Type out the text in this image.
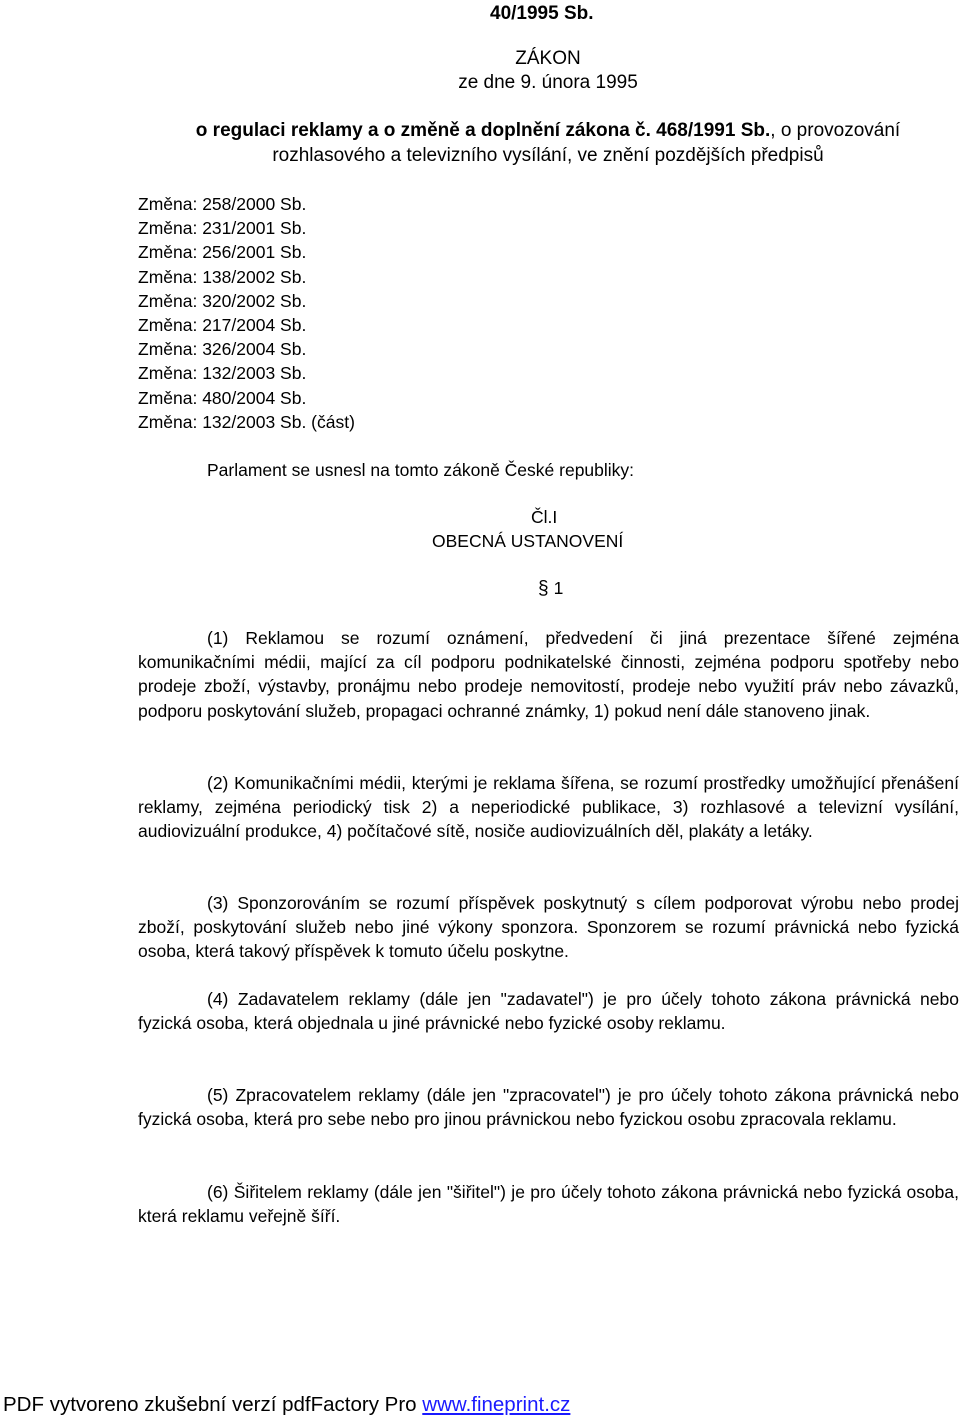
40/1995 Sb.
ZÁKON
ze dne 9. února 1995
o regulaci reklamy a o změně a doplnění zákona č. 468/1991 Sb., o provozování
rozhlasového a televizního vysílání, ve znění pozdějších předpisů
Změna: 258/2000 Sb.
Změna: 231/2001 Sb.
Změna: 256/2001 Sb.
Změna: 138/2002 Sb.
Změna: 320/2002 Sb.
Změna: 217/2004 Sb.
Změna: 326/2004 Sb.
Změna: 132/2003 Sb.
Změna: 480/2004 Sb.
Změna: 132/2003 Sb. (část)
Parlament se usnesl na tomto zákoně České republiky:
Čl.I
OBECNÁ USTANOVENÍ
§ 1

(1) Reklamou se rozumí oznámení, předvedení či jiná prezentace šířené zejména komunikačními médii, mající za cíl podporu podnikatelské činnosti, zejména podporu spotřeby nebo prodeje zboží, výstavby, pronájmu nebo prodeje nemovitostí, prodeje nebo využití práv nebo závazků, podporu poskytování služeb, propagaci ochranné známky, 1) pokud není dále stanoveno jinak.

(2) Komunikačními médii, kterými je reklama šířena, se rozumí prostředky umožňující přenášení reklamy, zejména periodický tisk 2) a neperiodické publikace, 3) rozhlasové a televizní vysílání, audiovizuální produkce, 4) počítačové sítě, nosiče audiovizuálních děl, plakáty a letáky.

(3) Sponzorováním se rozumí příspěvek poskytnutý s cílem podporovat výrobu nebo prodej zboží, poskytování služeb nebo jiné výkony sponzora. Sponzorem se rozumí právnická nebo fyzická osoba, která takový příspěvek k tomuto účelu poskytne.

(4) Zadavatelem reklamy (dále jen "zadavatel") je pro účely tohoto zákona právnická nebo fyzická osoba, která objednala u jiné právnické nebo fyzické osoby reklamu.

(5) Zpracovatelem reklamy (dále jen "zpracovatel") je pro účely tohoto zákona právnická nebo fyzická osoba, která pro sebe nebo pro jinou právnickou nebo fyzickou osobu zpracovala reklamu.

(6) Šiřitelem reklamy (dále jen "šiřitel") je pro účely tohoto zákona právnická nebo fyzická osoba, která reklamu veřejně šíří.

PDF vytvoreno zkušební verzí pdfFactory Pro www.fineprint.cz
